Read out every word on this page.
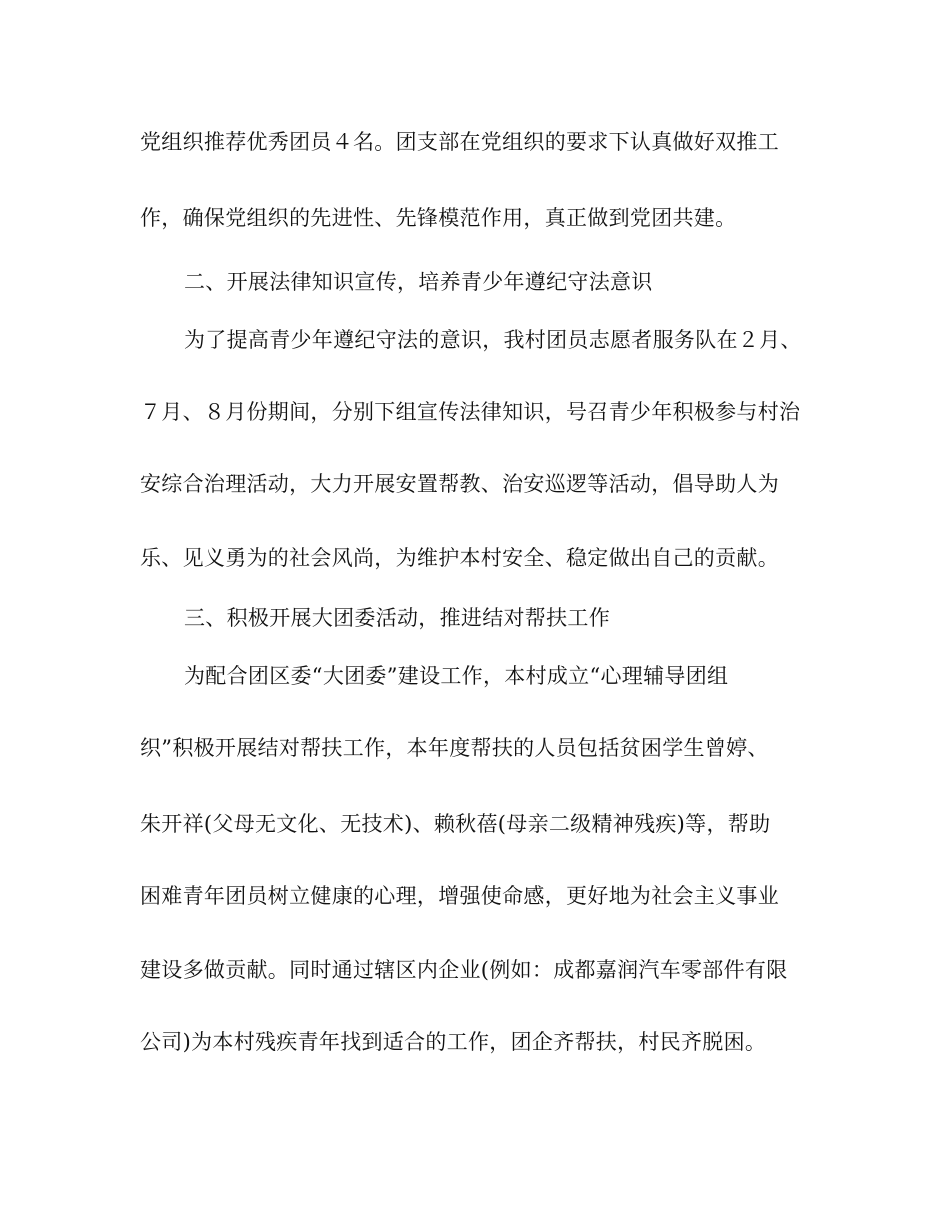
党组织推荐优秀团员４名。团支部在党组织的要求下认真做好双推工
作，确保党组织的先进性、先锋模范作用，真正做到党团共建。
二、开展法律知识宣传，培养青少年遵纪守法意识
为了提高青少年遵纪守法的意识，我村团员志愿者服务队在２月、
７月、８月份期间，分别下组宣传法律知识，号召青少年积极参与村治
安综合治理活动，大力开展安置帮教、治安巡逻等活动，倡导助人为
乐、见义勇为的社会风尚，为维护本村安全、稳定做出自己的贡献。
三、积极开展大团委活动，推进结对帮扶工作
为配合团区委“大团委”建设工作，本村成立“心理辅导团组
织”积极开展结对帮扶工作，本年度帮扶的人员包括贫困学生曾婷、
朱开祥(父母无文化、无技术)、赖秋蓓(母亲二级精神残疾)等，帮助
困难青年团员树立健康的心理，增强使命感，更好地为社会主义事业
建设多做贡献。同时通过辖区内企业(例如：成都嘉润汽车零部件有限
公司)为本村残疾青年找到适合的工作，团企齐帮扶，村民齐脱困。
